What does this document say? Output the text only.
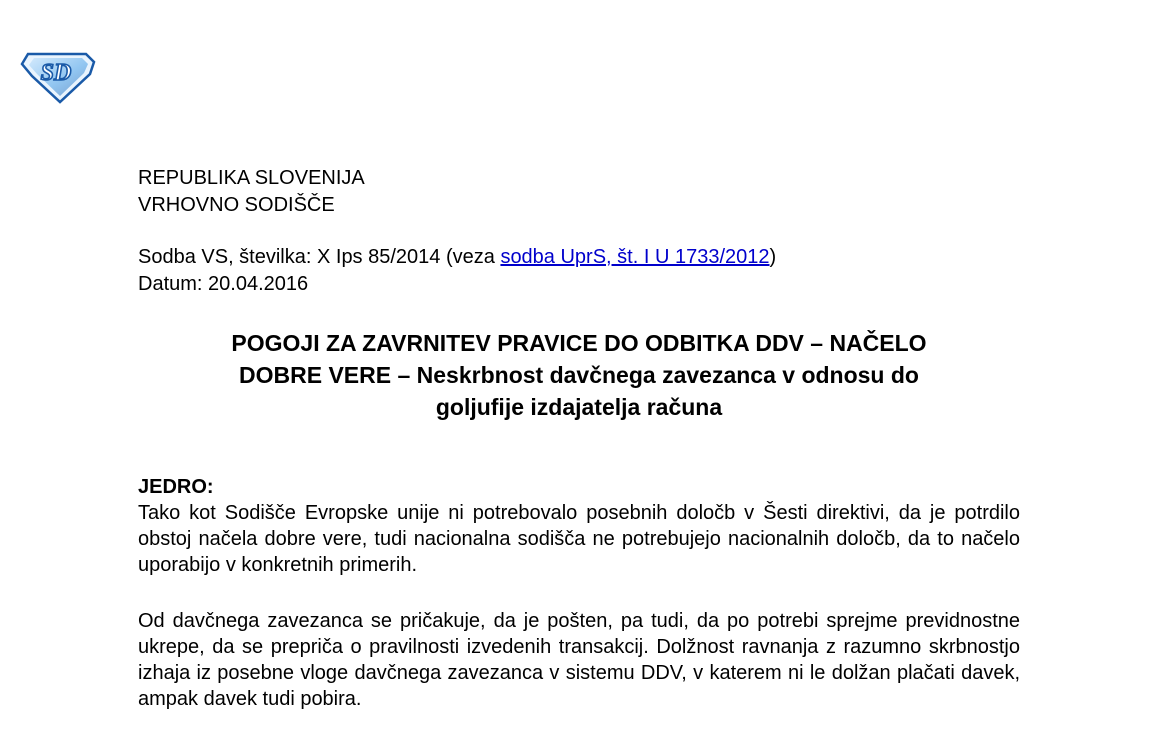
SD
REPUBLIKA SLOVENIJA
VRHOVNO SODIŠČE
Sodba VS, številka: X Ips 85/2014 (veza sodba UprS, št. I U 1733/2012)
Datum: 20.04.2016
POGOJI ZA ZAVRNITEV PRAVICE DO ODBITKA DDV – NAČELO
DOBRE VERE – Neskrbnost davčnega zavezanca v odnosu do
goljufije izdajatelja računa
JEDRO:
Tako kot Sodišče Evropske unije ni potrebovalo posebnih določb v Šesti direktivi, da je potrdilo obstoj načela dobre vere, tudi nacionalna sodišča ne potrebujejo nacionalnih določb, da to načelo uporabijo v konkretnih primerih.
Od davčnega zavezanca se pričakuje, da je pošten, pa tudi, da po potrebi sprejme previdnostne ukrepe, da se prepriča o pravilnosti izvedenih transakcij. Dolžnost ravnanja z razumno skrbnostjo izhaja iz posebne vloge davčnega zavezanca v sistemu DDV, v katerem ni le dolžan plačati davek, ampak davek tudi pobira.
